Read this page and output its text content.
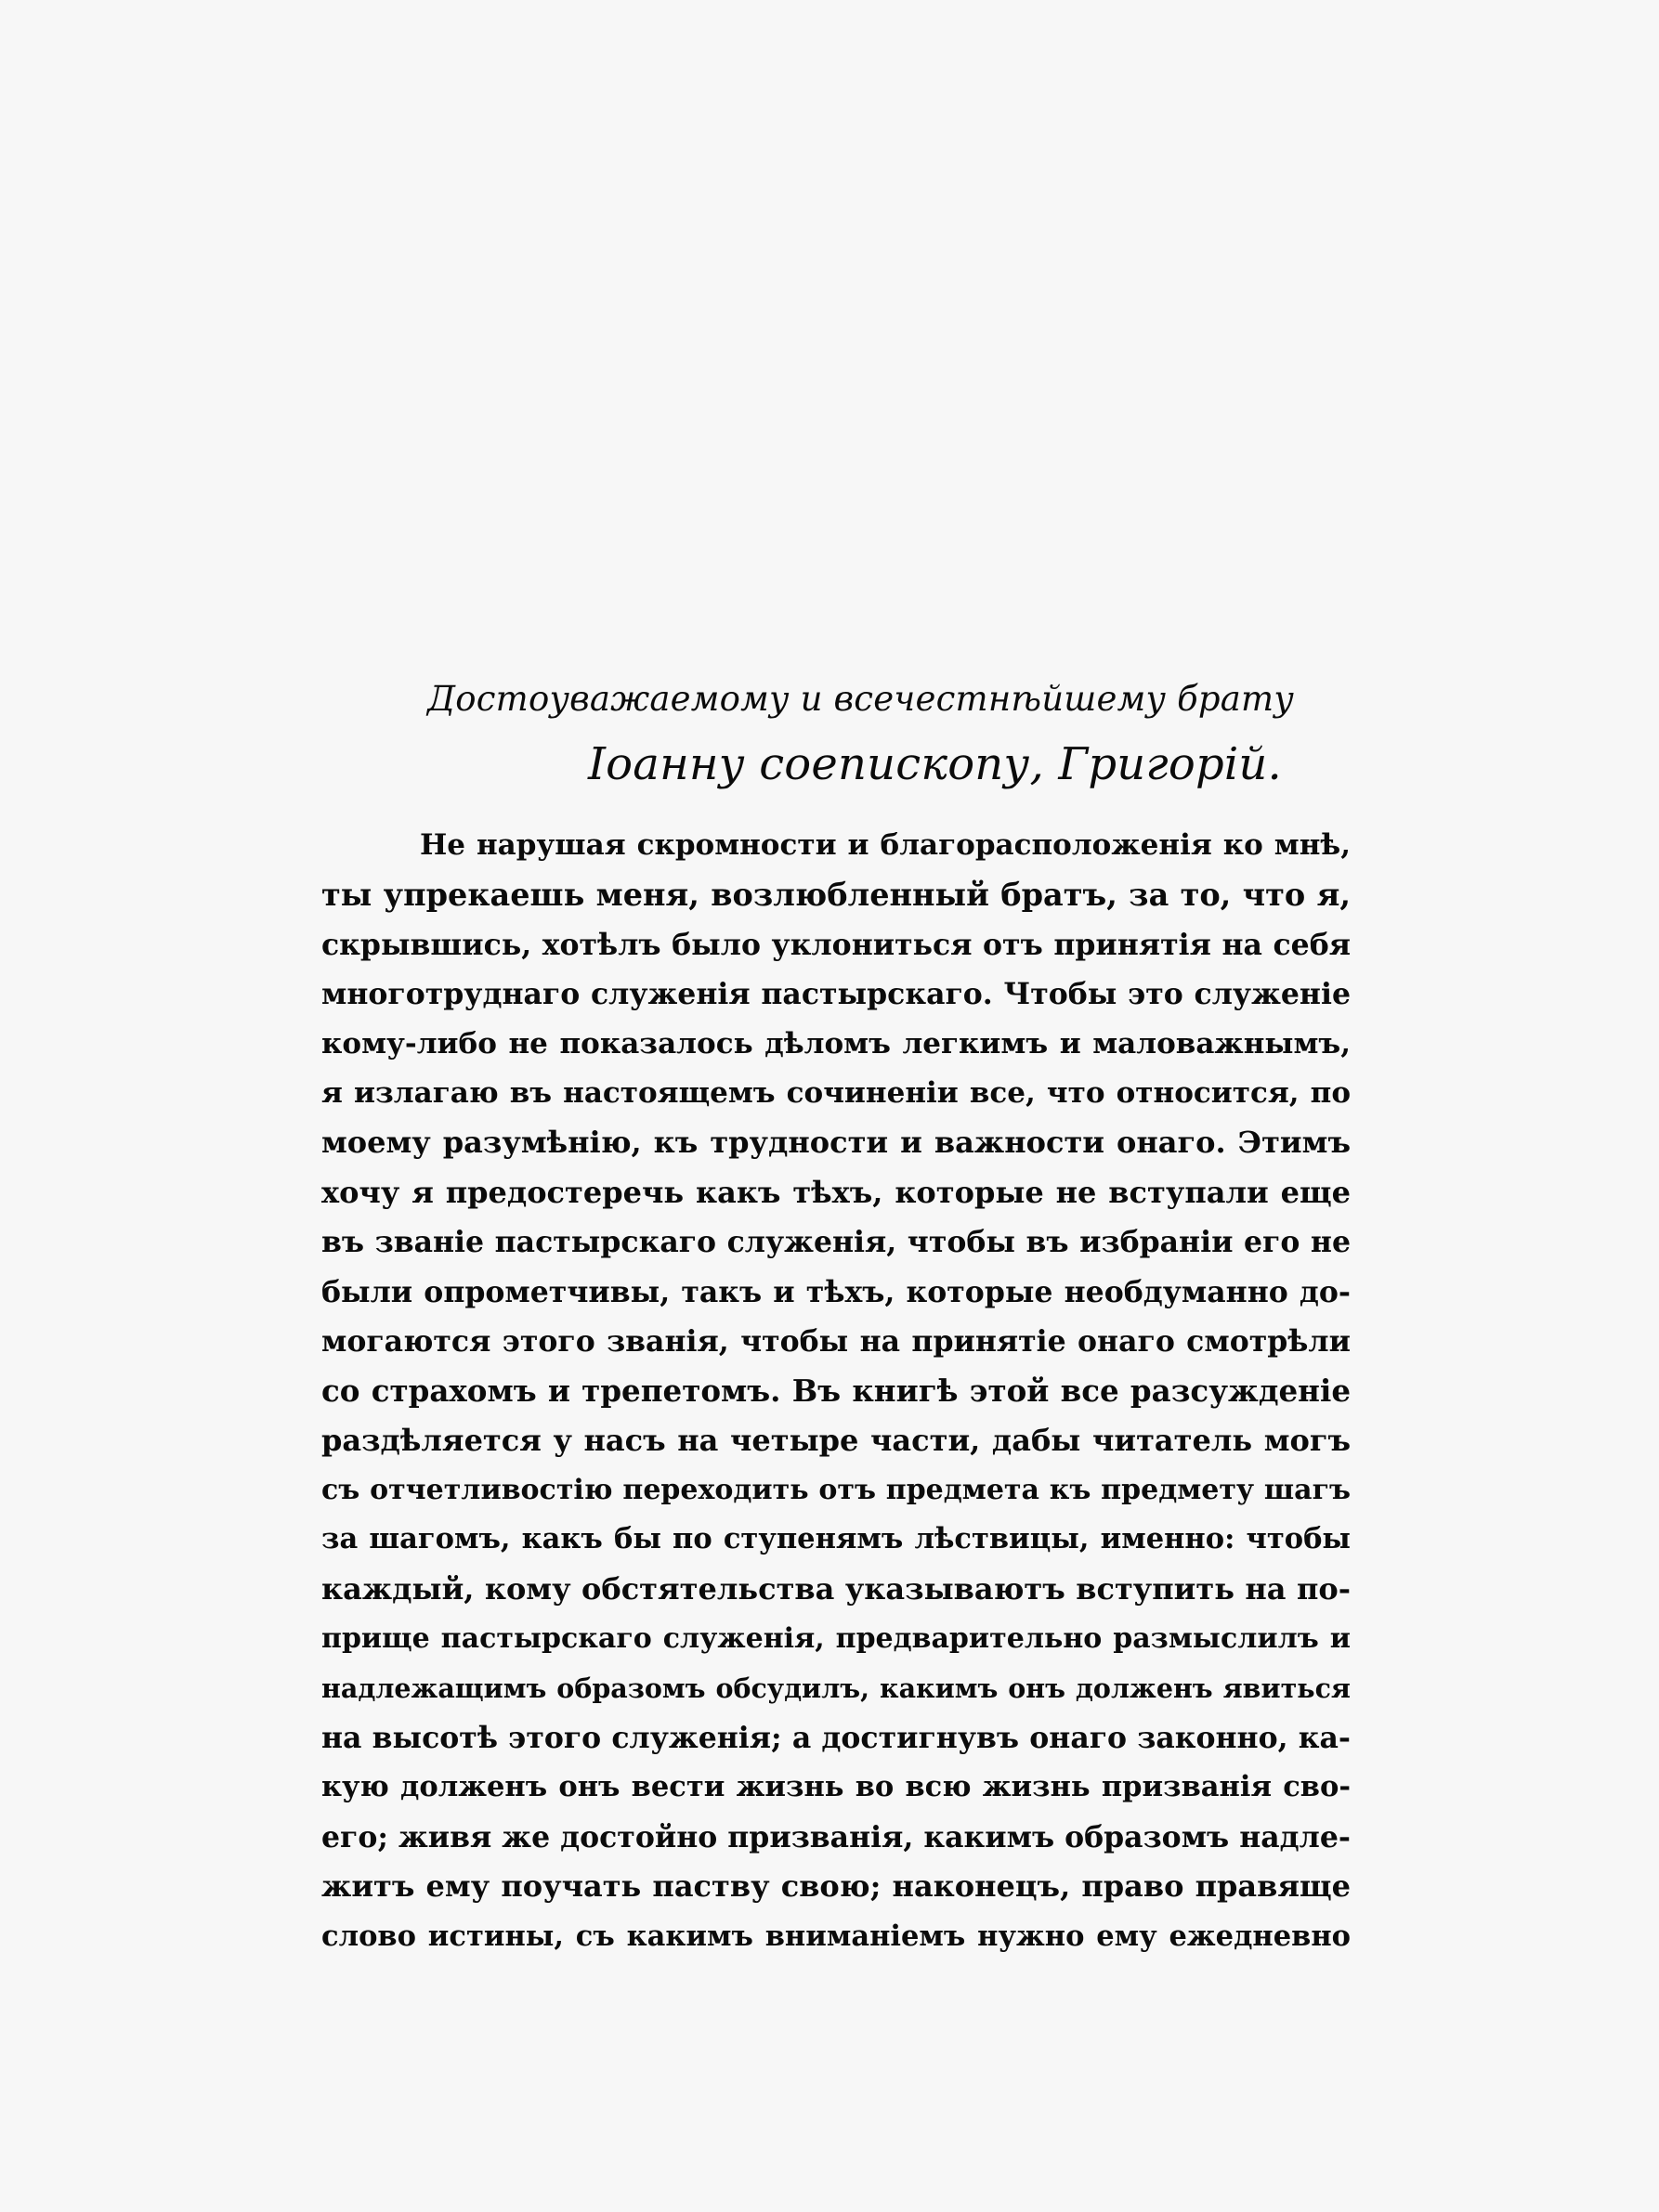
Достоуважаемому и всечестнѣйшему брату
Іоанну соепископу, Григорій.
Не нарушая скромности и благорасположенія ко мнѣ,
ты упрекаешь меня, возлюбленный братъ, за то, что я,
скрывшись, хотѣлъ было уклониться отъ принятія на себя
многотруднаго служенія пастырскаго. Чтобы это служеніе
кому-либо не показалось дѣломъ легкимъ и маловажнымъ,
я излагаю въ настоящемъ сочиненіи все, что относится, по
моему разумѣнію, къ трудности и важности онаго. Этимъ
хочу я предостеречь какъ тѣхъ, которые не вступали еще
въ званіе пастырскаго служенія, чтобы въ избраніи его не
были опрометчивы, такъ и тѣхъ, которые необдуманно до-
могаются этого званія, чтобы на принятіе онаго смотрѣли
со страхомъ и трепетомъ. Въ книгѣ этой все разсужденіе
раздѣляется у насъ на четыре части, дабы читатель могъ
съ отчетливостію переходить отъ предмета къ предмету шагъ
за шагомъ, какъ бы по ступенямъ лѣствицы, именно: чтобы
каждый, кому обстятельства указываютъ вступить на по-
прище пастырскаго служенія, предварительно размыслилъ и
надлежащимъ образомъ обсудилъ, какимъ онъ долженъ явиться
на высотѣ этого служенія; а достигнувъ онаго законно, ка-
кую долженъ онъ вести жизнь во всю жизнь призванія сво-
его; живя же достойно призванія, какимъ образомъ надле-
житъ ему поучать паству свою; наконецъ, право правяще
слово истины, съ какимъ вниманіемъ нужно ему ежедневно
